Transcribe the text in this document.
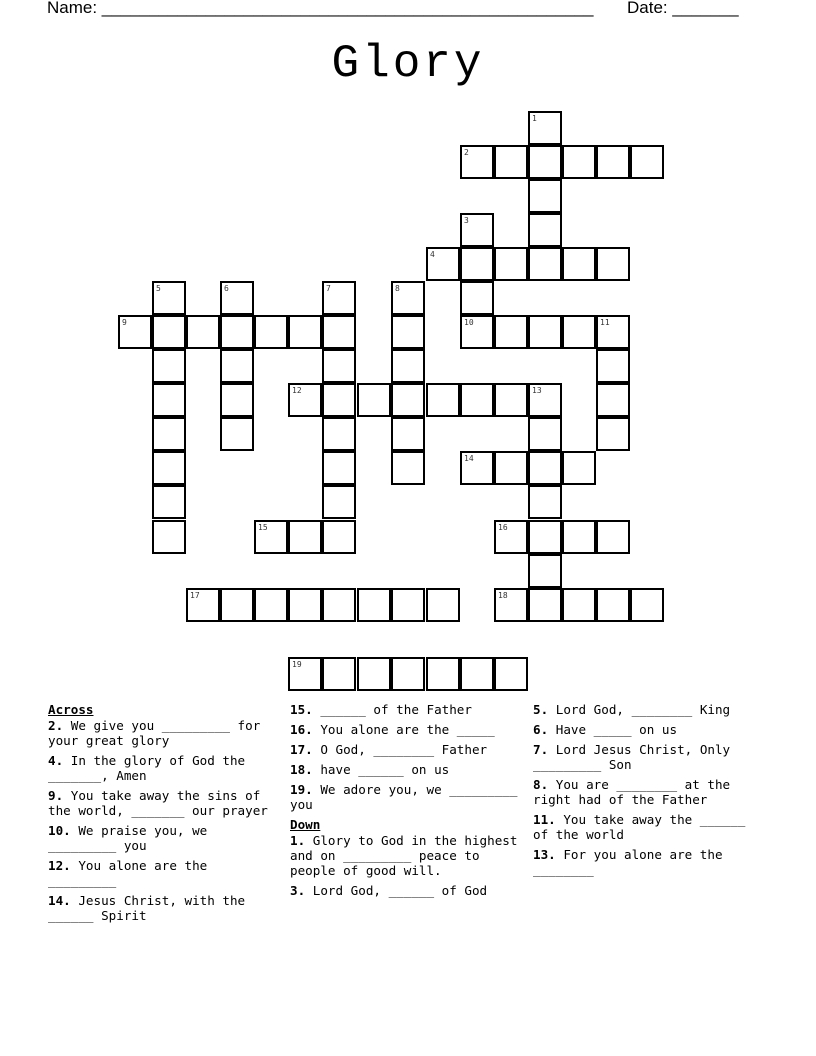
Name: ____________________________________________________ Date: _______
Glory
1
2
3
4
5	6	7	8
9	10	11
12	13
14
15	16
17	18
19
Across
2. We give you _________ for your great glory
4. In the glory of God the _______, Amen
9. You take away the sins of the world, _______ our prayer
10. We praise you, we _________ you
12. You alone are the _________
14. Jesus Christ, with the ______ Spirit
15. ______ of the Father
16. You alone are the _____
17. O God, ________ Father
18. have ______ on us
19. We adore you, we _________ you
Down
1. Glory to God in the highest and on _________ peace to people of good will.
3. Lord God, ______ of God
5. Lord God, ________ King
6. Have _____ on us
7. Lord Jesus Christ, Only _________ Son
8. You are ________ at the right had of the Father
11. You take away the ______ of the world
13. For you alone are the ________
